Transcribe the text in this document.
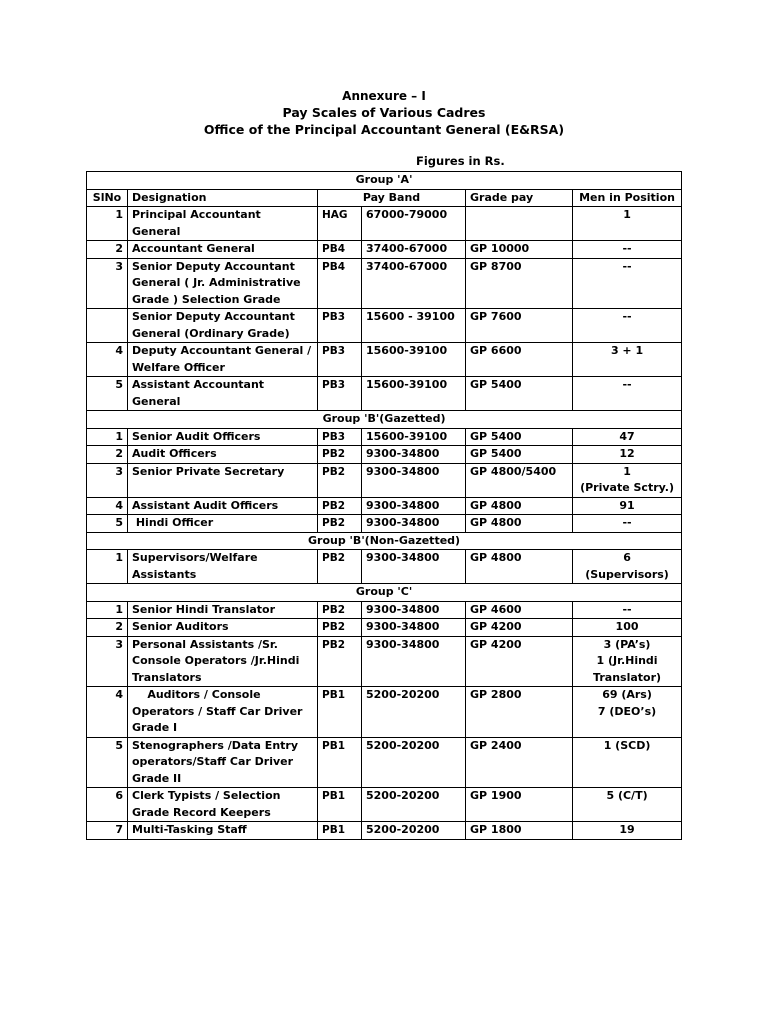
Annexure – I
Pay Scales of Various Cadres
Office of the Principal Accountant General (E&RSA)
Figures in Rs.
Group 'A'					
SlNo	Designation	Pay Band		Grade pay	Men in Position
1	Principal Accountant General	HAG	67000-79000		1
2	Accountant General	PB4	37400-67000	GP 10000	--
3	Senior Deputy Accountant General ( Jr. Administrative Grade ) Selection Grade	PB4	37400-67000	GP 8700	--
	Senior Deputy Accountant General (Ordinary Grade)	PB3	15600 - 39100	GP 7600	--
4	Deputy Accountant General / Welfare Officer	PB3	15600-39100	GP 6600	3 + 1
5	Assistant Accountant General	PB3	15600-39100	GP 5400	--
Group 'B'(Gazetted)					
1	Senior Audit Officers	PB3	15600-39100	GP 5400	47
2	Audit Officers	PB2	9300-34800	GP 5400	12
3	Senior Private Secretary	PB2	9300-34800	GP 4800/5400	1
(Private Sctry.)
4	Assistant Audit Officers	PB2	9300-34800	GP 4800	91
5	Hindi Officer	PB2	9300-34800	GP 4800	--
Group 'B'(Non-Gazetted)					
1	Supervisors/Welfare Assistants	PB2	9300-34800	GP 4800	6
(Supervisors)
Group 'C'					
1	Senior Hindi Translator	PB2	9300-34800	GP 4600	--
2	Senior Auditors	PB2	9300-34800	GP 4200	100
3	Personal Assistants /Sr. Console Operators /Jr.Hindi Translators	PB2	9300-34800	GP 4200	3 (PA’s)
1 (Jr.Hindi
Translator)
4	Auditors / Console Operators / Staff Car Driver Grade I	PB1	5200-20200	GP 2800	69 (Ars)
7 (DEO’s)
5	Stenographers /Data Entry operators/Staff Car Driver Grade II	PB1	5200-20200	GP 2400	1 (SCD)
6	Clerk Typists / Selection Grade Record Keepers	PB1	5200-20200	GP 1900	5 (C/T)
7	Multi-Tasking Staff	PB1	5200-20200	GP 1800	19
